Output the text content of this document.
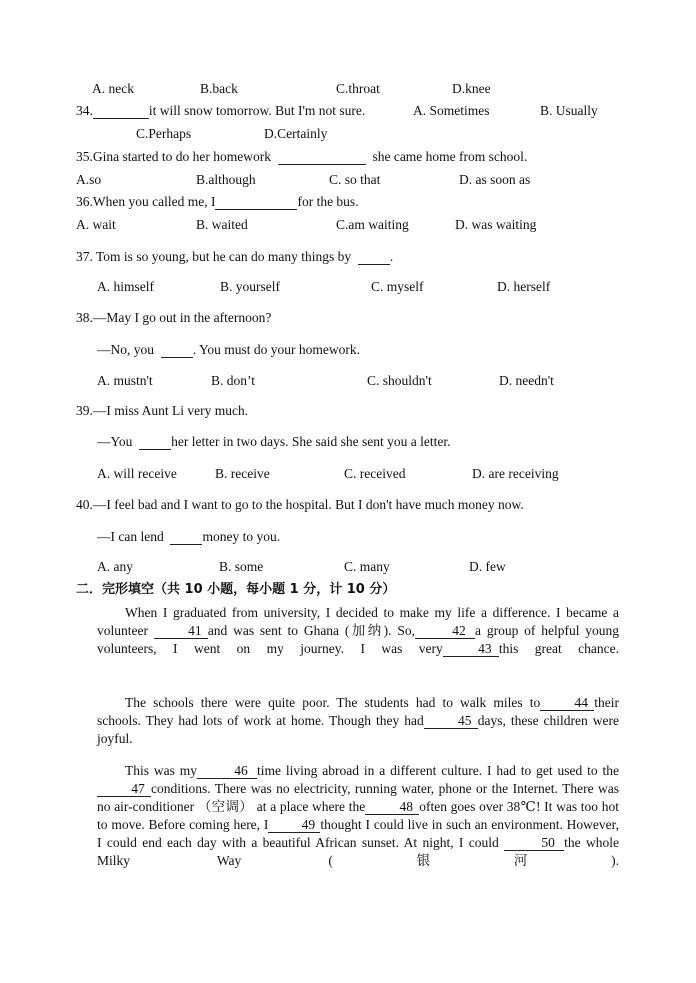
A. neck	B.back	C.throat	D.knee
34.	it will snow tomorrow. But I'm not sure.	A. Sometimes	B. Usually
C.Perhaps	D.Certainly
35.Gina started to do her homework	she came home from school.
A.so	B.although	C. so that	D. as soon as
36.When you called me, I	for the bus.
A. wait	B. waited	C.am waiting	D. was waiting
37. Tom is so young, but he can do many things by	.
A. himself	B. yourself	C. myself	D. herself
38.—May I go out in the afternoon?
—No, you	. You must do your homework.
A. mustn't	B. don’t	C. shouldn't	D. needn't
39.—I miss Aunt Li very much.
—You	her letter in two days. She said she sent you a letter.
A. will receive	B. receive	C. received	D. are receiving
40.—I feel bad and I want to go to the hospital. But I don't have much money now.
—I can lend	money to you.
A. any	B. some	C. many	D. few
二．完形填空（共 10 小题，每小题 1 分，计 10 分）
When I graduated from university, I decided to make my life a difference. I became a volunteer	41 and was sent to Ghana (加纳). So,	42 a group of helpful young volunteers, I went on my journey. I was very	43 this great chance.
The schools there were quite poor. The students had to walk miles to	44 their schools. They had lots of work at home. Though they had	45 days, these children were joyful.
This was my	46 time living abroad in a different culture. I had to get used to the47 conditions. There was no electricity, running water, phone or the Internet. There was no air-conditioner （空调） at a place where the	48 often goes over 38℃! It was too hot to move. Before coming here, I 49 thought I could live in such an environment. However, I could end each day with a beautiful African sunset. At night, I could	50 the whole Milky Way (银河).
